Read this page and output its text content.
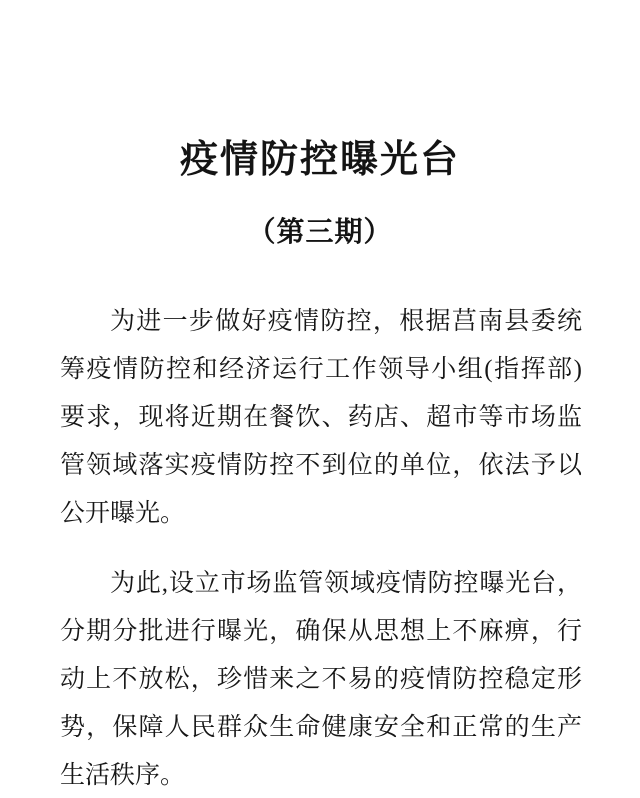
疫情防控曝光台
（第三期）
为进一步做好疫情防控，根据莒南县委统
筹疫情防控和经济运行工作领导小组(指挥部)
要求，现将近期在餐饮、药店、超市等市场监
管领域落实疫情防控不到位的单位，依法予以
公开曝光。
为此,设立市场监管领域疫情防控曝光台，
分期分批进行曝光，确保从思想上不麻痹，行
动上不放松，珍惜来之不易的疫情防控稳定形
势，保障人民群众生命健康安全和正常的生产
生活秩序。
